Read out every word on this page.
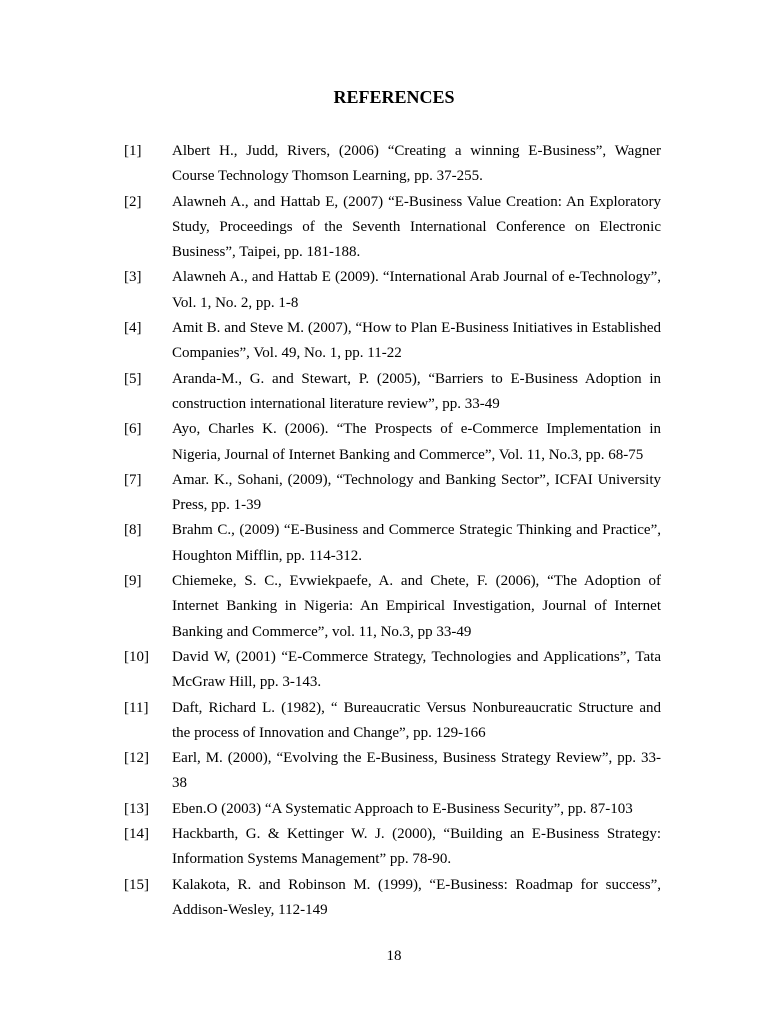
REFERENCES
[1] Albert H., Judd, Rivers, (2006) “Creating a winning E-Business”, Wagner Course Technology Thomson Learning, pp. 37-255.
[2] Alawneh A., and Hattab E, (2007) “E-Business Value Creation: An Exploratory Study, Proceedings of the Seventh International Conference on Electronic Business”, Taipei, pp. 181-188.
[3] Alawneh A., and Hattab E (2009). “International Arab Journal of e-Technology”, Vol. 1, No. 2, pp. 1-8
[4] Amit B. and Steve M. (2007), “How to Plan E-Business Initiatives in Established Companies”, Vol. 49, No. 1, pp. 11-22
[5] Aranda-M., G. and Stewart, P. (2005), “Barriers to E-Business Adoption in construction international literature review”, pp. 33-49
[6] Ayo, Charles K. (2006). “The Prospects of e-Commerce Implementation in Nigeria, Journal of Internet Banking and Commerce”, Vol. 11, No.3, pp. 68-75
[7] Amar. K., Sohani, (2009), “Technology and Banking Sector”, ICFAI University Press, pp. 1-39
[8] Brahm C., (2009) “E-Business and Commerce Strategic Thinking and Practice”, Houghton Mifflin, pp. 114-312.
[9] Chiemeke, S. C., Evwiekpaefe, A. and Chete, F. (2006), “The Adoption of Internet Banking in Nigeria: An Empirical Investigation, Journal of Internet Banking and Commerce”, vol. 11, No.3, pp 33-49
[10] David W, (2001) “E-Commerce Strategy, Technologies and Applications”, Tata McGraw Hill, pp. 3-143.
[11] Daft, Richard L. (1982), “ Bureaucratic Versus Nonbureaucratic Structure and the process of Innovation and Change”, pp. 129-166
[12] Earl, M. (2000), “Evolving the E-Business, Business Strategy Review”, pp. 33-38
[13] Eben.O (2003) “A Systematic Approach to E-Business Security”, pp. 87-103
[14] Hackbarth, G. & Kettinger W. J. (2000), “Building an E-Business Strategy: Information Systems Management” pp. 78-90.
[15] Kalakota, R. and Robinson M. (1999), “E-Business: Roadmap for success”, Addison-Wesley, 112-149
18
